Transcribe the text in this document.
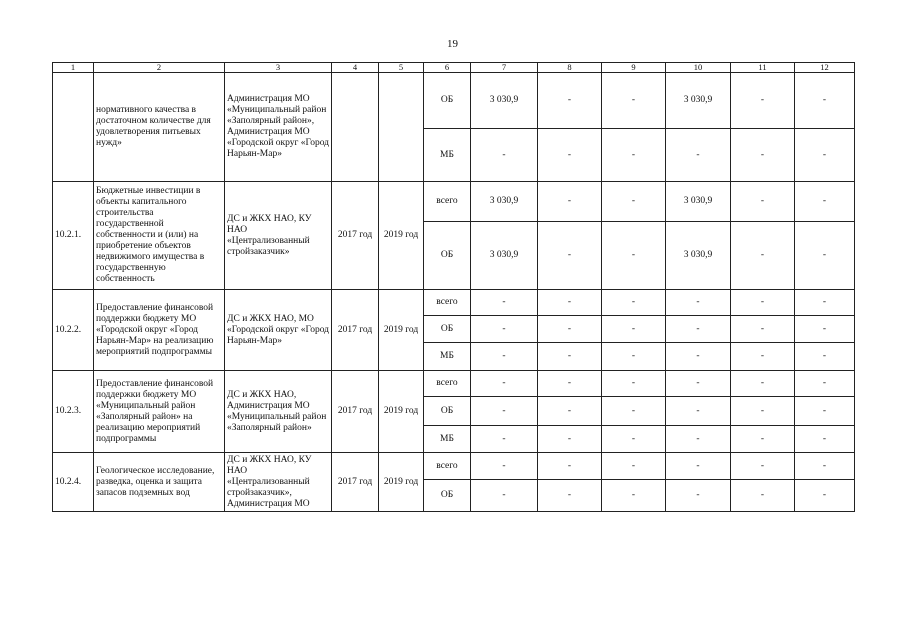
19
1	2	3	4	5	6	7	8	9	10	11	12
	нормативного качества в достаточном количестве для удовлетворения питьевых нужд»	Администрация МО «Муниципальный район «Заполярный район», Администрация МО «Городской округ «Город Нарьян-Мар»			ОБ	3 030,9	-	-	3 030,9	-	-
					МБ	-	-	-	-	-	-
10.2.1.	Бюджетные инвестиции в объекты капитального строительства государственной собственности и (или) на приобретение объектов недвижимого имущества в государственную собственность	ДС и ЖКХ НАО, КУ НАО «Централизованный стройзаказчик»	2017 год	2019 год	всего	3 030,9	-	-	3 030,9	-	-
					ОБ	3 030,9	-	-	3 030,9	-	-
10.2.2.	Предоставление финансовой поддержки бюджету МО «Городской округ «Город Нарьян-Мар» на реализацию мероприятий подпрограммы	ДС и ЖКХ НАО, МО «Городской округ «Город Нарьян-Мар»	2017 год	2019 год	всего	-	-	-	-	-	-
					ОБ	-	-	-	-	-	-
					МБ	-	-	-	-	-	-
10.2.3.	Предоставление финансовой поддержки бюджету МО «Муниципальный район «Заполярный район» на реализацию мероприятий подпрограммы	ДС и ЖКХ НАО, Администрация МО «Муниципальный район «Заполярный район»	2017 год	2019 год	всего	-	-	-	-	-	-
					ОБ	-	-	-	-	-	-
					МБ	-	-	-	-	-	-
10.2.4.	Геологическое исследование, разведка, оценка и защита запасов подземных вод	ДС и ЖКХ НАО, КУ НАО «Централизованный стройзаказчик», Администрация МО	2017 год	2019 год	всего	-	-	-	-	-	-
					ОБ	-	-	-	-	-	-
